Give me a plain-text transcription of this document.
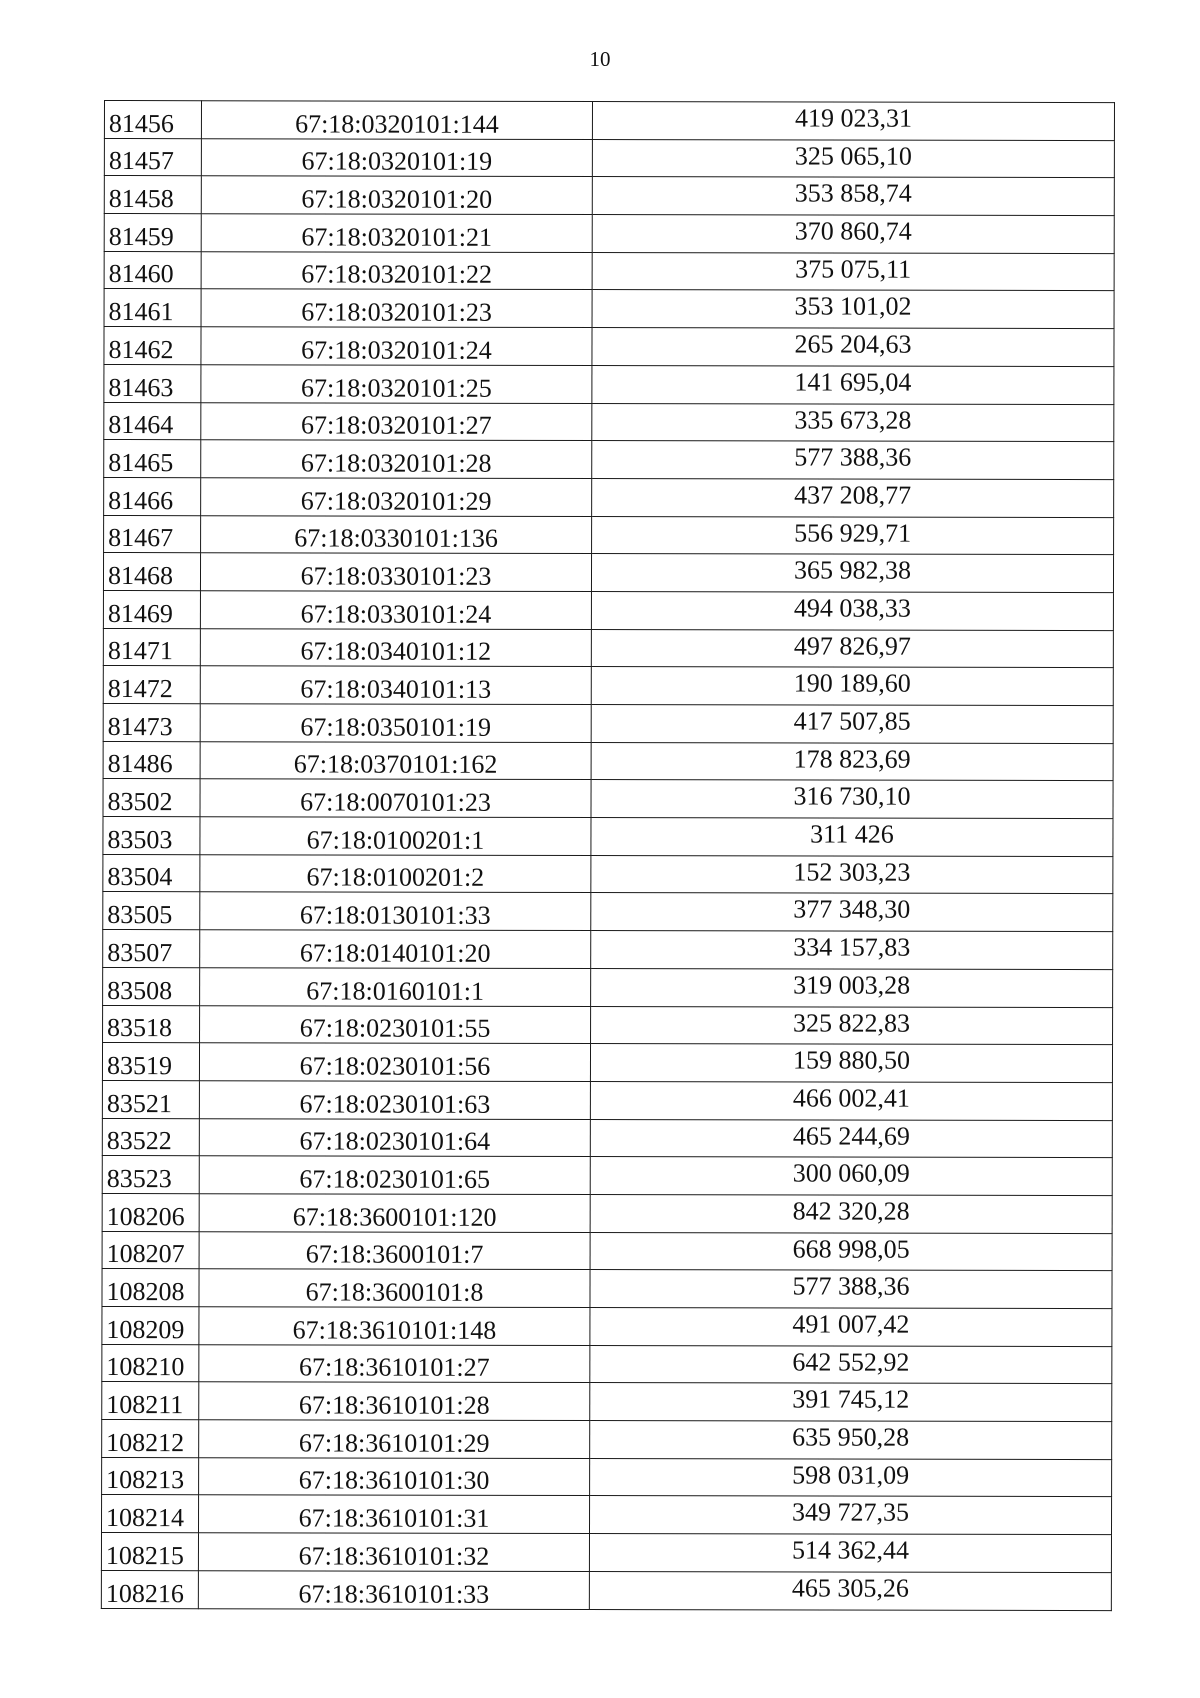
10
81456	67:18:0320101:144	419 023,31
81457	67:18:0320101:19	325 065,10
81458	67:18:0320101:20	353 858,74
81459	67:18:0320101:21	370 860,74
81460	67:18:0320101:22	375 075,11
81461	67:18:0320101:23	353 101,02
81462	67:18:0320101:24	265 204,63
81463	67:18:0320101:25	141 695,04
81464	67:18:0320101:27	335 673,28
81465	67:18:0320101:28	577 388,36
81466	67:18:0320101:29	437 208,77
81467	67:18:0330101:136	556 929,71
81468	67:18:0330101:23	365 982,38
81469	67:18:0330101:24	494 038,33
81471	67:18:0340101:12	497 826,97
81472	67:18:0340101:13	190 189,60
81473	67:18:0350101:19	417 507,85
81486	67:18:0370101:162	178 823,69
83502	67:18:0070101:23	316 730,10
83503	67:18:0100201:1	311 426
83504	67:18:0100201:2	152 303,23
83505	67:18:0130101:33	377 348,30
83507	67:18:0140101:20	334 157,83
83508	67:18:0160101:1	319 003,28
83518	67:18:0230101:55	325 822,83
83519	67:18:0230101:56	159 880,50
83521	67:18:0230101:63	466 002,41
83522	67:18:0230101:64	465 244,69
83523	67:18:0230101:65	300 060,09
108206	67:18:3600101:120	842 320,28
108207	67:18:3600101:7	668 998,05
108208	67:18:3600101:8	577 388,36
108209	67:18:3610101:148	491 007,42
108210	67:18:3610101:27	642 552,92
108211	67:18:3610101:28	391 745,12
108212	67:18:3610101:29	635 950,28
108213	67:18:3610101:30	598 031,09
108214	67:18:3610101:31	349 727,35
108215	67:18:3610101:32	514 362,44
108216	67:18:3610101:33	465 305,26
